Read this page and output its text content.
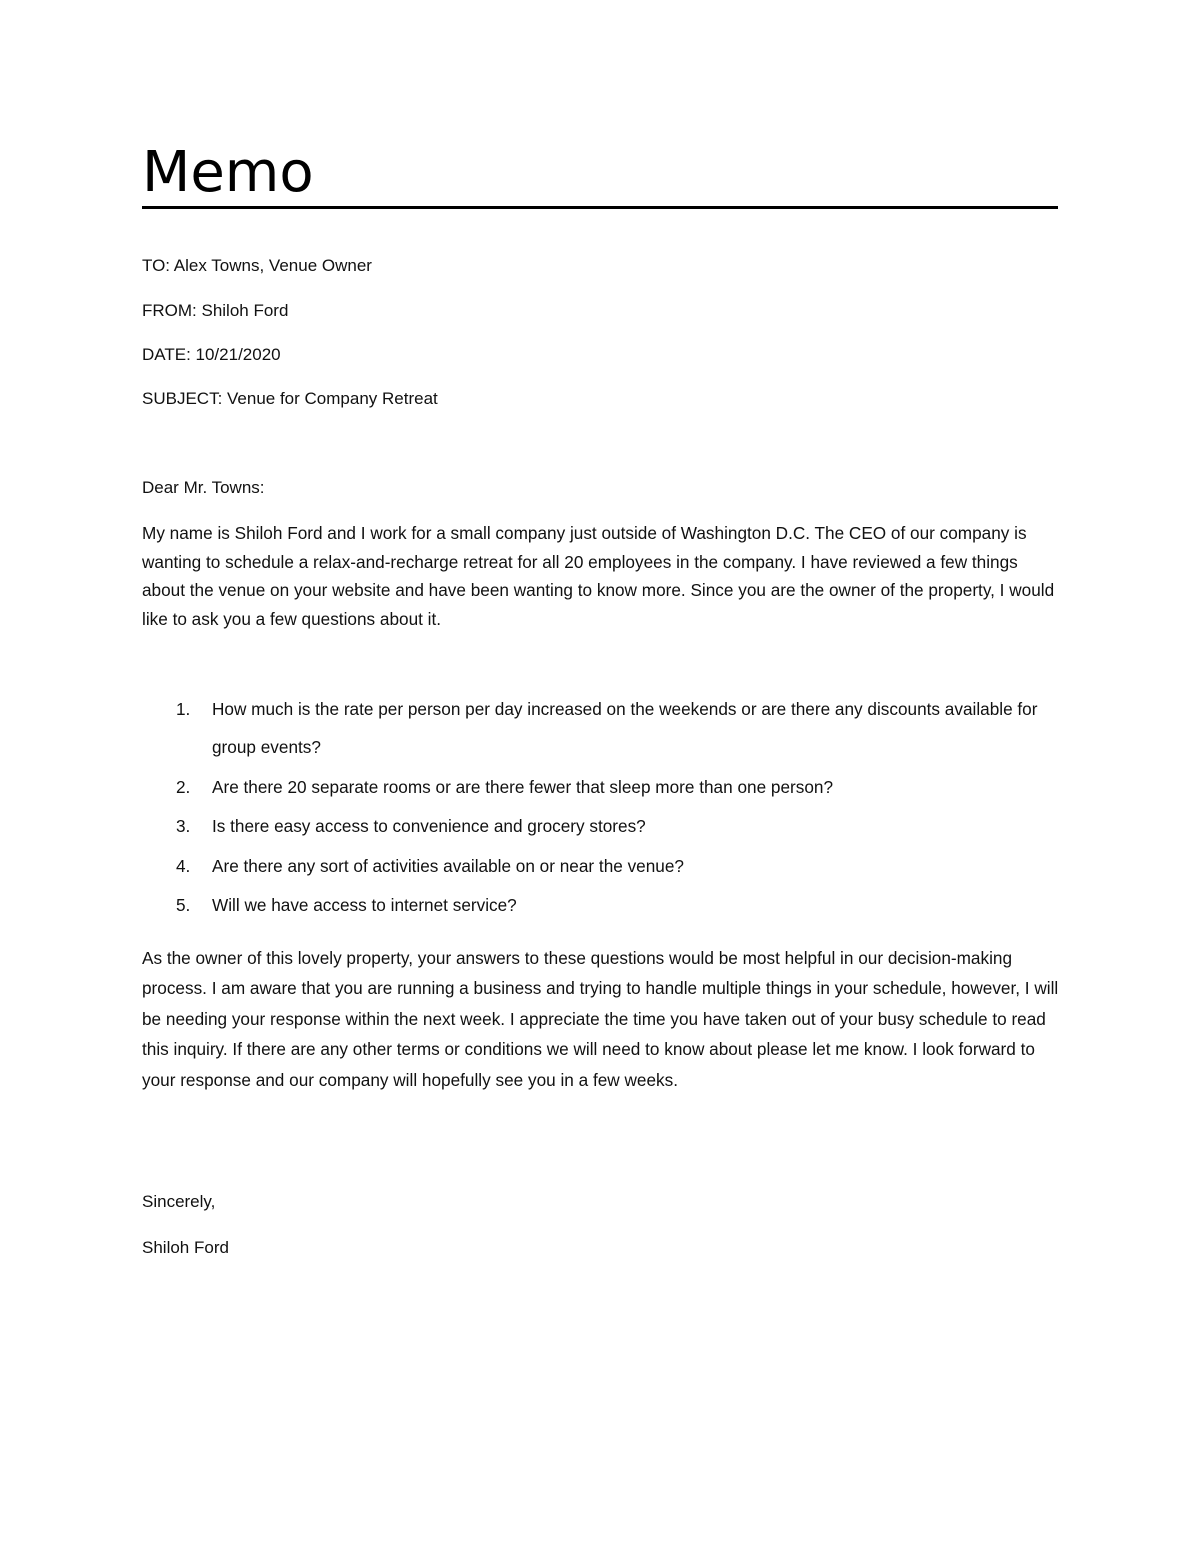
Memo
TO: Alex Towns, Venue Owner
FROM: Shiloh Ford
DATE: 10/21/2020
SUBJECT: Venue for Company Retreat
Dear Mr. Towns:

My name is Shiloh Ford and I work for a small company just outside of Washington D.C. The CEO of our company is wanting to schedule a relax-and-recharge retreat for all 20 employees in the company. I have reviewed a few things about the venue on your website and have been wanting to know more. Since you are the owner of the property, I would like to ask you a few questions about it.

1. How much is the rate per person per day increased on the weekends or are there any discounts available for group events?
2. Are there 20 separate rooms or are there fewer that sleep more than one person?
3. Is there easy access to convenience and grocery stores?
4. Are there any sort of activities available on or near the venue?
5. Will we have access to internet service?

As the owner of this lovely property, your answers to these questions would be most helpful in our decision-making process. I am aware that you are running a business and trying to handle multiple things in your schedule, however, I will be needing your response within the next week. I appreciate the time you have taken out of your busy schedule to read this inquiry. If there are any other terms or conditions we will need to know about please let me know. I look forward to your response and our company will hopefully see you in a few weeks.

Sincerely,
Shiloh Ford
